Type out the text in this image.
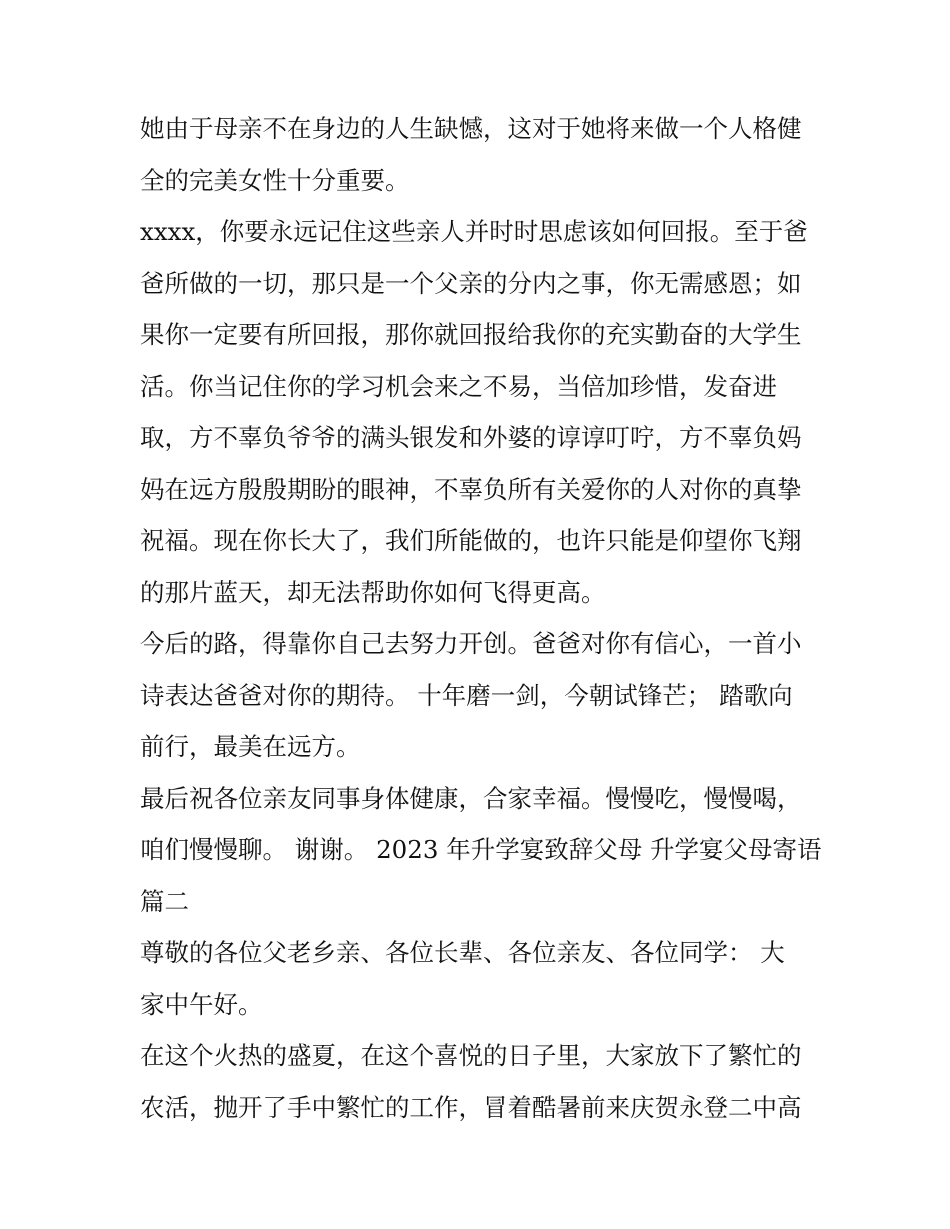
她由于母亲不在身边的人生缺憾，这对于她将来做一个人格健
全的完美女性十分重要。
xxxx，你要永远记住这些亲人并时时思虑该如何回报。至于爸
爸所做的一切，那只是一个父亲的分内之事，你无需感恩；如
果你一定要有所回报，那你就回报给我你的充实勤奋的大学生
活。你当记住你的学习机会来之不易，当倍加珍惜，发奋进
取，方不辜负爷爷的满头银发和外婆的谆谆叮咛，方不辜负妈
妈在远方殷殷期盼的眼神，不辜负所有关爱你的人对你的真挚
祝福。现在你长大了，我们所能做的，也许只能是仰望你飞翔
的那片蓝天，却无法帮助你如何飞得更高。
今后的路，得靠你自己去努力开创。爸爸对你有信心，一首小
诗表达爸爸对你的期待。 十年磨一剑，今朝试锋芒； 踏歌向
前行，最美在远方。
最后祝各位亲友同事身体健康，合家幸福。慢慢吃，慢慢喝，
咱们慢慢聊。 谢谢。 2023 年升学宴致辞父母 升学宴父母寄语
篇二
尊敬的各位父老乡亲、各位长辈、各位亲友、各位同学： 大
家中午好。
在这个火热的盛夏，在这个喜悦的日子里，大家放下了繁忙的
农活，抛开了手中繁忙的工作，冒着酷暑前来庆贺永登二中高
